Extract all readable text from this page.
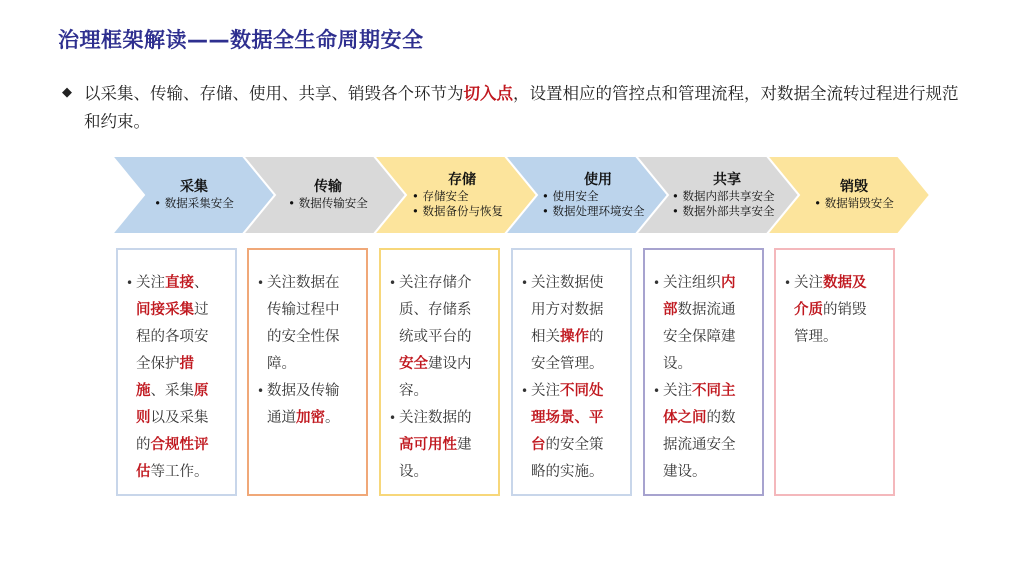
治理框架解读——数据全生命周期安全
◆ 以采集、传输、存储、使用、共享、销毁各个环节为切入点，设置相应的管控点和管理流程，对数据全流转过程进行规范和约束。
采集
• 数据采集安全
传输
• 数据传输安全
存储
• 存储安全
• 数据备份与恢复
使用
• 使用安全
• 数据处理环境安全
共享
• 数据内部共享安全
• 数据外部共享安全
销毁
• 数据销毁安全
• 关注直接、间接采集过程的各项安全保护措施、采集原则以及采集的合规性评估等工作。
• 关注数据在传输过程中的安全性保障。
• 数据及传输通道加密。
• 关注存储介质、存储系统或平台的安全建设内容。
• 关注数据的高可用性建设。
• 关注数据使用方对数据相关操作的安全管理。
• 关注不同处理场景、平台的安全策略的实施。
• 关注组织内部数据流通安全保障建设。
• 关注不同主体之间的数据流通安全建设。
• 关注数据及介质的销毁管理。
